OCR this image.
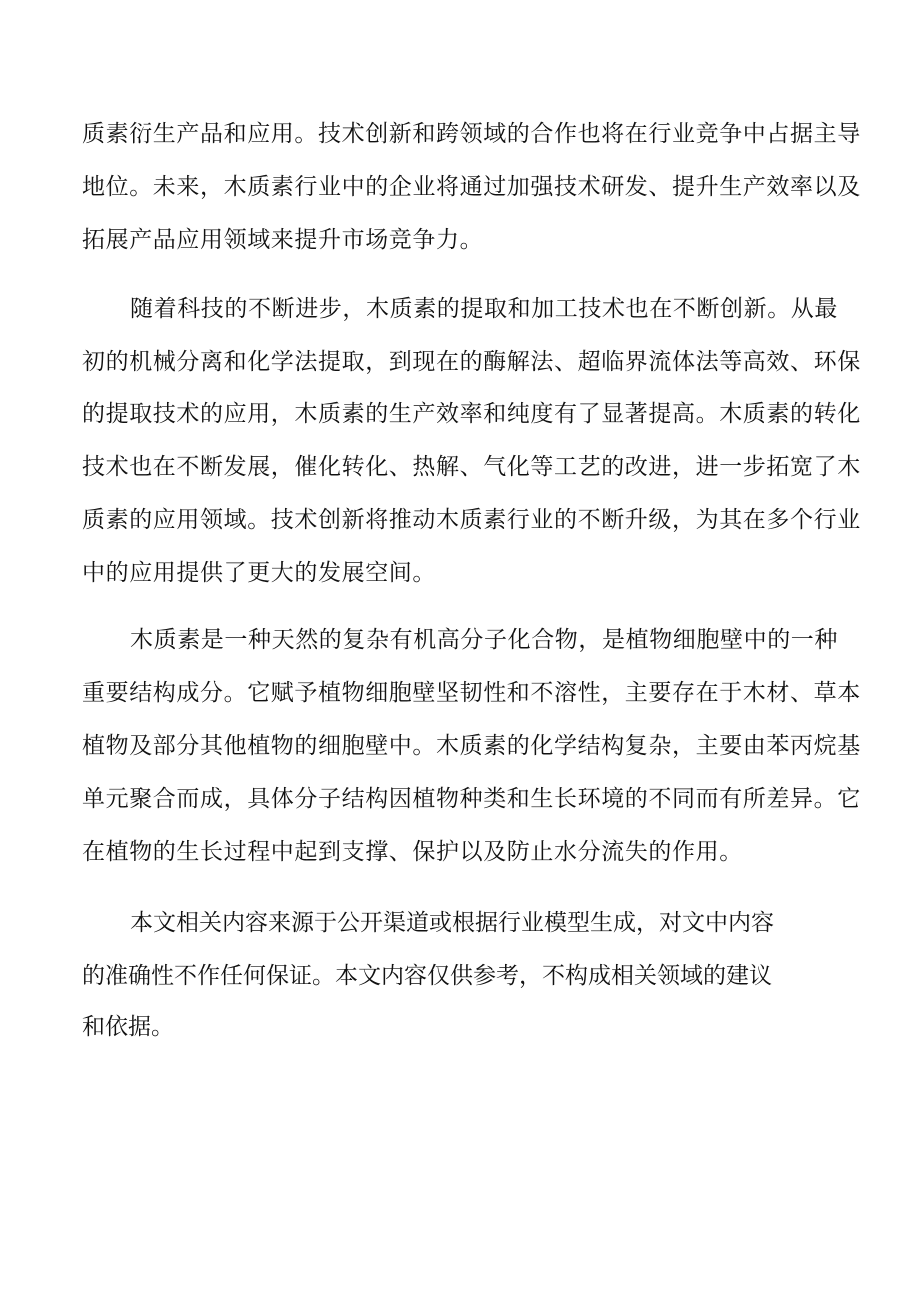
质素衍生产品和应用。技术创新和跨领域的合作也将在行业竞争中占据主导
地位。未来，木质素行业中的企业将通过加强技术研发、提升生产效率以及
拓展产品应用领域来提升市场竞争力。
随着科技的不断进步，木质素的提取和加工技术也在不断创新。从最
初的机械分离和化学法提取，到现在的酶解法、超临界流体法等高效、环保
的提取技术的应用，木质素的生产效率和纯度有了显著提高。木质素的转化
技术也在不断发展，催化转化、热解、气化等工艺的改进，进一步拓宽了木
质素的应用领域。技术创新将推动木质素行业的不断升级，为其在多个行业
中的应用提供了更大的发展空间。
木质素是一种天然的复杂有机高分子化合物，是植物细胞壁中的一种
重要结构成分。它赋予植物细胞壁坚韧性和不溶性，主要存在于木材、草本
植物及部分其他植物的细胞壁中。木质素的化学结构复杂，主要由苯丙烷基
单元聚合而成，具体分子结构因植物种类和生长环境的不同而有所差异。它
在植物的生长过程中起到支撑、保护以及防止水分流失的作用。
本文相关内容来源于公开渠道或根据行业模型生成，对文中内容
的准确性不作任何保证。本文内容仅供参考，不构成相关领域的建议
和依据。
